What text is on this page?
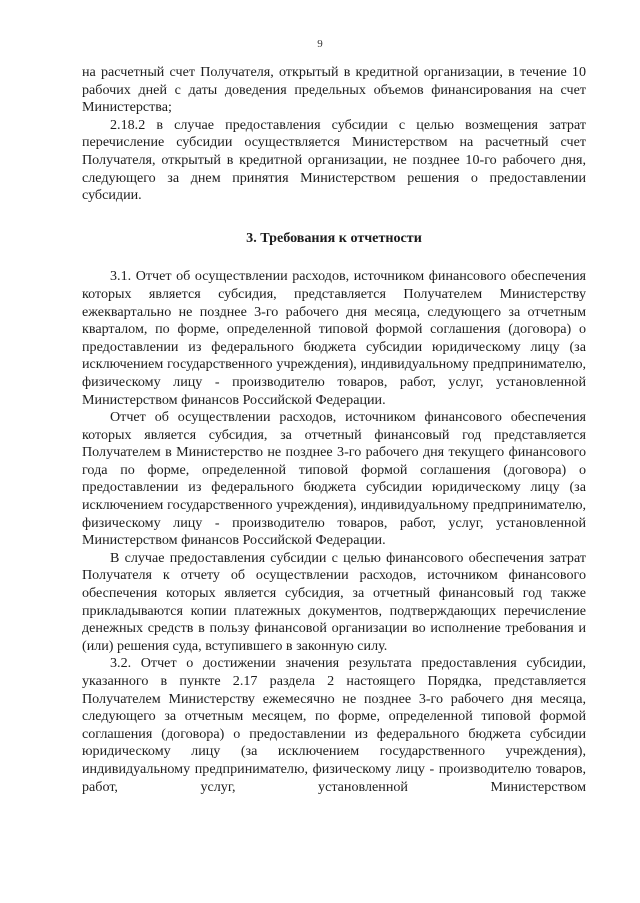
9

на расчетный счет Получателя, открытый в кредитной организации, в течение 10 рабочих дней с даты доведения предельных объемов финансирования на счет Министерства;

2.18.2 в случае предоставления субсидии с целью возмещения затрат перечисление субсидии осуществляется Министерством на расчетный счет Получателя, открытый в кредитной организации, не позднее 10-го рабочего дня, следующего за днем принятия Министерством решения о предоставлении субсидии.

3. Требования к отчетности

3.1. Отчет об осуществлении расходов, источником финансового обеспечения которых является субсидия, представляется Получателем Министерству ежеквартально не позднее 3-го рабочего дня месяца, следующего за отчетным кварталом, по форме, определенной типовой формой соглашения (договора) о предоставлении из федерального бюджета субсидии юридическому лицу (за исключением государственного учреждения), индивидуальному предпринимателю, физическому лицу - производителю товаров, работ, услуг, установленной Министерством финансов Российской Федерации.

Отчет об осуществлении расходов, источником финансового обеспечения которых является субсидия, за отчетный финансовый год представляется Получателем в Министерство не позднее 3-го рабочего дня текущего финансового года по форме, определенной типовой формой соглашения (договора) о предоставлении из федерального бюджета субсидии юридическому лицу (за исключением государственного учреждения), индивидуальному предпринимателю, физическому лицу - производителю товаров, работ, услуг, установленной Министерством финансов Российской Федерации.

В случае предоставления субсидии с целью финансового обеспечения затрат Получателя к отчету об осуществлении расходов, источником финансового обеспечения которых является субсидия, за отчетный финансовый год также прикладываются копии платежных документов, подтверждающих перечисление денежных средств в пользу финансовой организации во исполнение требования и (или) решения суда, вступившего в законную силу.

3.2. Отчет о достижении значения результата предоставления субсидии, указанного в пункте 2.17 раздела 2 настоящего Порядка, представляется Получателем Министерству ежемесячно не позднее 3-го рабочего дня месяца, следующего за отчетным месяцем, по форме, определенной типовой формой соглашения (договора) о предоставлении из федерального бюджета субсидии юридическому лицу (за исключением государственного учреждения), индивидуальному предпринимателю, физическому лицу - производителю товаров, работ, услуг, установленной Министерством
